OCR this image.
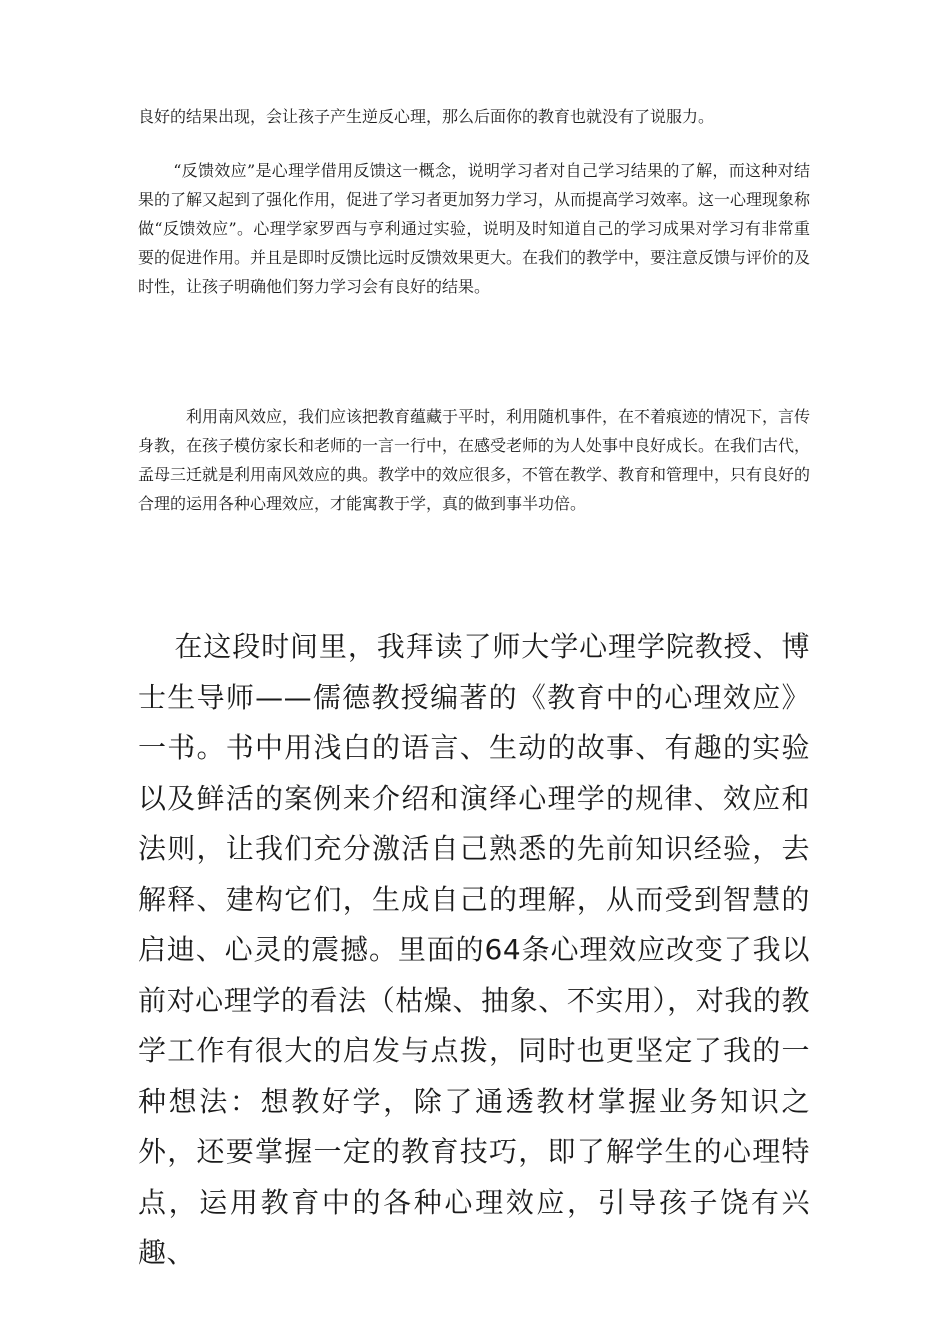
良好的结果出现，会让孩子产生逆反心理，那么后面你的教育也就没有了说服力。

“反馈效应”是心理学借用反馈这一概念，说明学习者对自己学习结果的了解，而这种对结果的了解又起到了强化作用，促进了学习者更加努力学习，从而提高学习效率。这一心理现象称做“反馈效应”。心理学家罗西与亨利通过实验，说明及时知道自己的学习成果对学习有非常重要的促进作用。并且是即时反馈比远时反馈效果更大。在我们的教学中，要注意反馈与评价的及时性，让孩子明确他们努力学习会有良好的结果。

利用南风效应，我们应该把教育蕴藏于平时，利用随机事件，在不着痕迹的情况下，言传身教，在孩子模仿家长和老师的一言一行中，在感受老师的为人处事中良好成长。在我们古代，孟母三迁就是利用南风效应的典。教学中的效应很多，不管在教学、教育和管理中，只有良好的合理的运用各种心理效应，才能寓教于学，真的做到事半功倍。

在这段时间里，我拜读了师大学心理学院教授、博士生导师——儒德教授编著的《教育中的心理效应》一书。书中用浅白的语言、生动的故事、有趣的实验以及鲜活的案例来介绍和演绎心理学的规律、效应和法则，让我们充分激活自己熟悉的先前知识经验，去解释、建构它们，生成自己的理解，从而受到智慧的启迪、心灵的震撼。里面的64条心理效应改变了我以前对心理学的看法（枯燥、抽象、不实用），对我的教学工作有很大的启发与点拨，同时也更坚定了我的一种想法：想教好学，除了通透教材掌握业务知识之外，还要掌握一定的教育技巧，即了解学生的心理特点，运用教育中的各种心理效应，引导孩子饶有兴趣、
